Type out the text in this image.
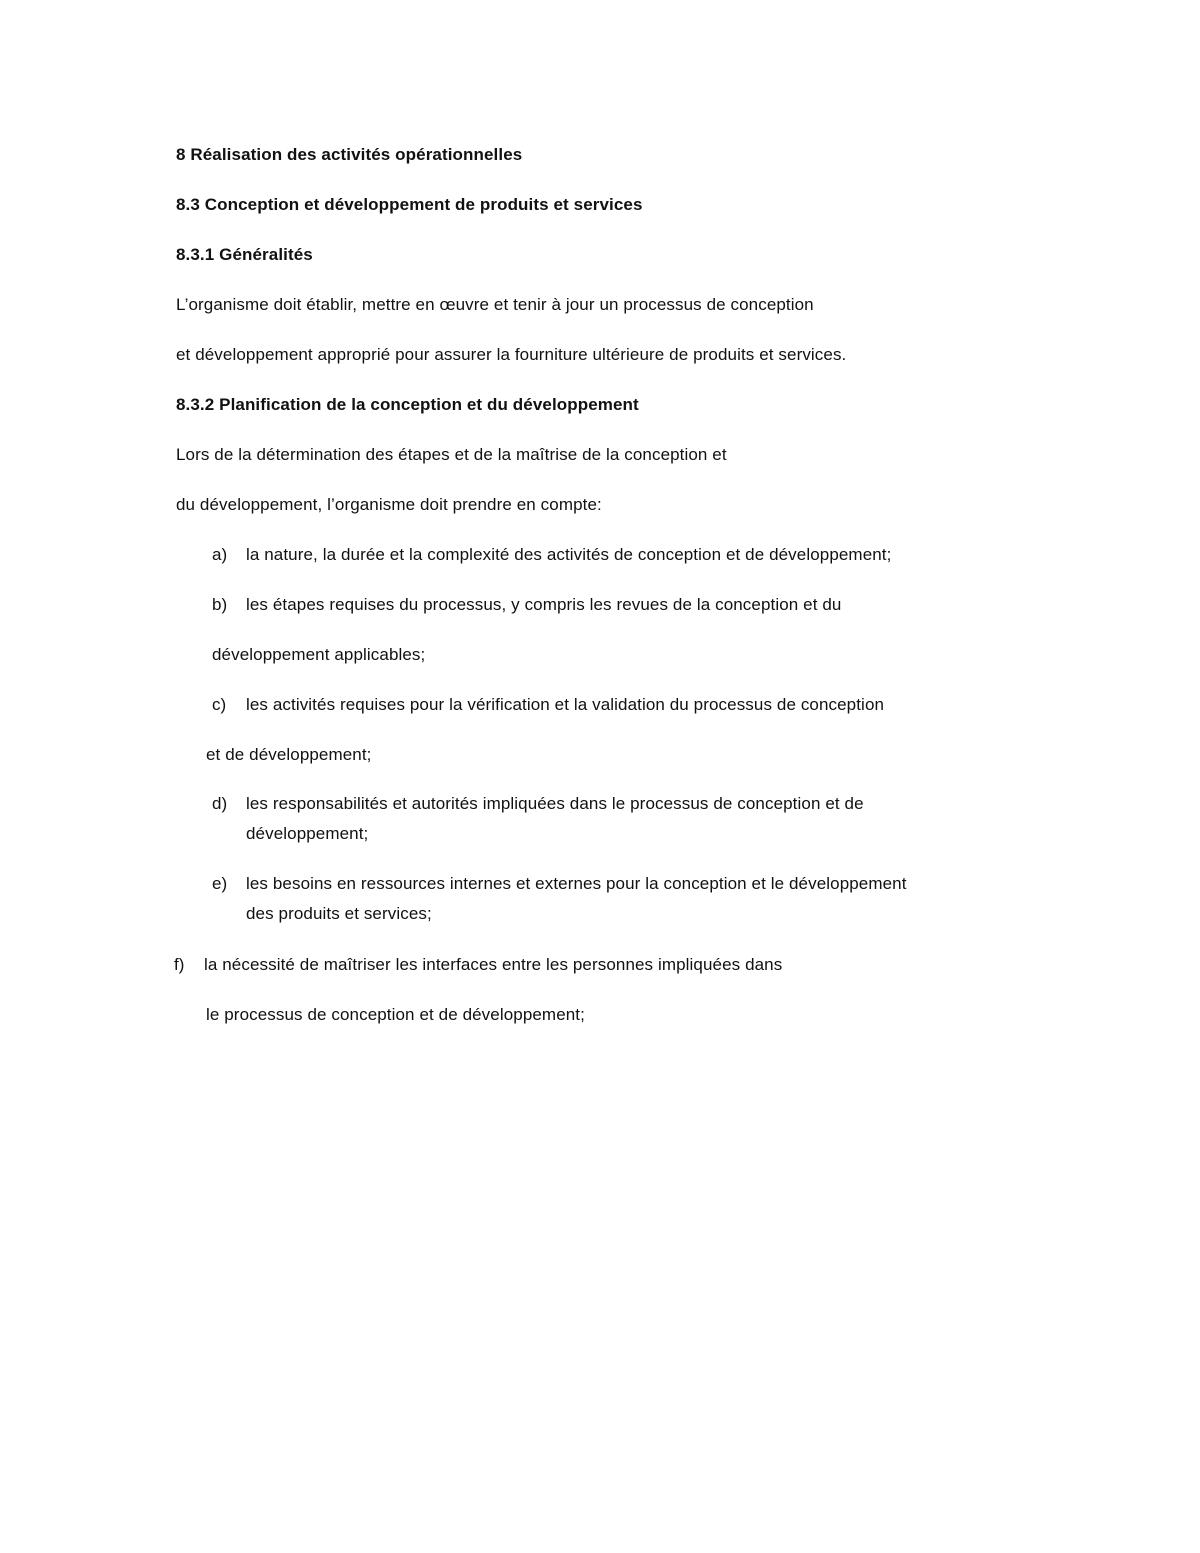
8 Réalisation des activités opérationnelles
8.3 Conception et développement de produits et services
8.3.1 Généralités
L’organisme doit établir, mettre en œuvre et tenir à jour un processus de conception
et développement approprié pour assurer la fourniture ultérieure de produits et services.
8.3.2 Planification de la conception et du développement
Lors de la détermination des étapes et de la maîtrise de la conception et
du développement, l’organisme doit prendre en compte:
a) la nature, la durée et la complexité des activités de conception et de développement;
b) les étapes requises du processus, y compris les revues de la conception et du
développement applicables;
c) les activités requises pour la vérification et la validation du processus de conception
et de développement;
d) les responsabilités et autorités impliquées dans le processus de conception et de
développement;
e) les besoins en ressources internes et externes pour la conception et le développement
des produits et services;
f) la nécessité de maîtriser les interfaces entre les personnes impliquées dans
le processus de conception et de développement;
